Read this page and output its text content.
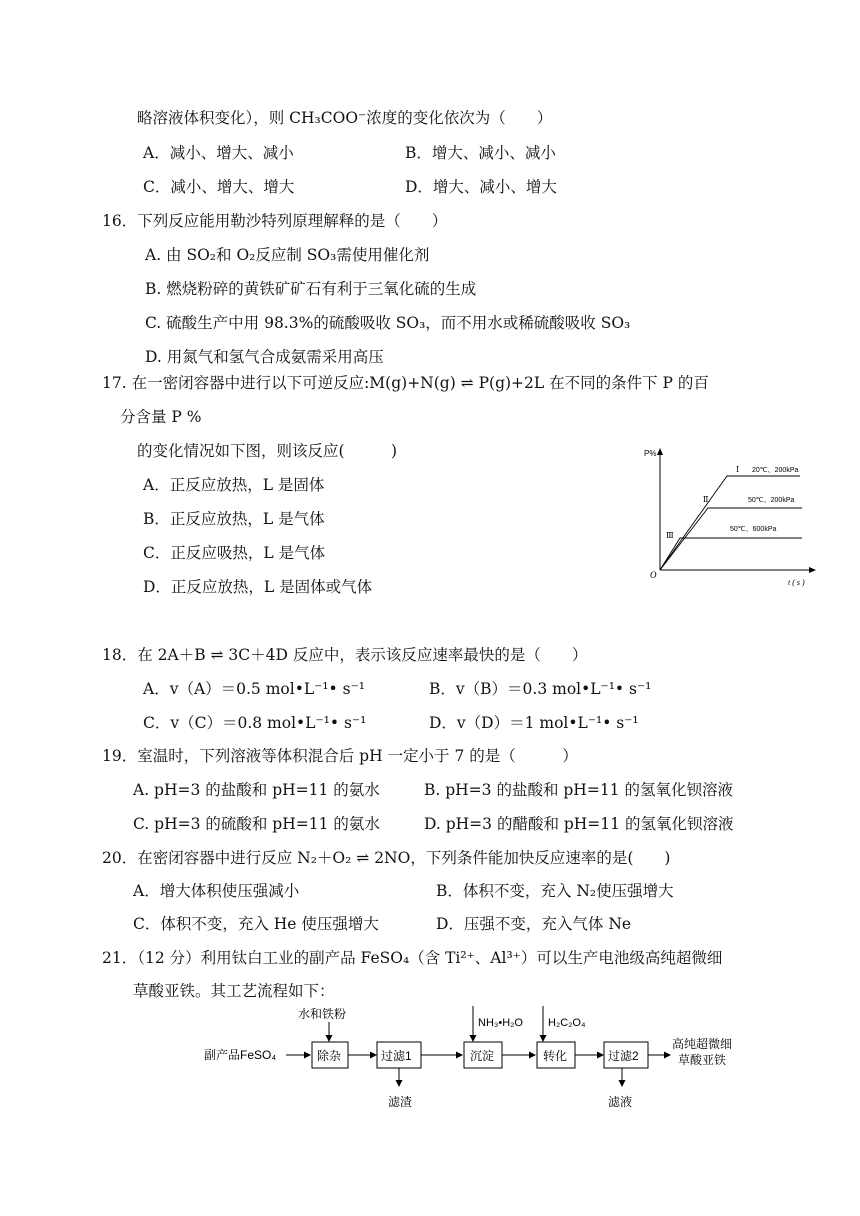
略溶液体积变化），则 CH₃COO⁻浓度的变化依次为（　　）
A．减小、增大、减小	B．增大、减小、减小
C．减小、增大、增大	D．增大、减小、增大
16．下列反应能用勒沙特列原理解释的是（　　）
A. 由 SO₂和 O₂反应制 SO₃需使用催化剂
B. 燃烧粉碎的黄铁矿矿石有利于三氧化硫的生成
C. 硫酸生产中用 98.3%的硫酸吸收 SO₃，而不用水或稀硫酸吸收 SO₃
D. 用氮气和氢气合成氨需采用高压
17. 在一密闭容器中进行以下可逆反应:M(g)+N(g) ⇌ P(g)+2L 在不同的条件下 P 的百
分含量 P %
的变化情况如下图，则该反应(　　　)
A．正反应放热，L 是固体
B．正反应放热，L 是气体
C．正反应吸热，L 是气体
D．正反应放热，L 是固体或气体
P%
t ( s )
O
Ⅰ 20℃、200kPa
Ⅱ	50℃、200kPa
Ⅲ
50℃、600kPa
18．在 2A＋B ⇌ 3C＋4D 反应中，表示该反应速率最快的是（　　）
A．v（A）＝0.5 mol•L⁻¹• s⁻¹	B．v（B）＝0.3 mol•L⁻¹• s⁻¹
C．v（C）＝0.8 mol•L⁻¹• s⁻¹	D．v（D）＝1 mol•L⁻¹• s⁻¹
19．室温时，下列溶液等体积混合后 pH 一定小于 7 的是（　　　）
A. pH=3 的盐酸和 pH=11 的氨水	B. pH=3 的盐酸和 pH=11 的氢氧化钡溶液
C. pH=3 的硫酸和 pH=11 的氨水	D. pH=3 的醋酸和 pH=11 的氢氧化钡溶液
20．在密闭容器中进行反应 N₂＋O₂ ⇌ 2NO，下列条件能加快反应速率的是(　　)
A．增大体积使压强减小	B．体积不变，充入 N₂使压强增大
C．体积不变，充入 He 使压强增大	D．压强不变，充入气体 Ne
21．（12 分）利用钛白工业的副产品 FeSO₄（含 Ti²⁺、Al³⁺）可以生产电池级高纯超微细
草酸亚铁。其工艺流程如下：
副产品FeSO₄
水和铁粉
除杂	过滤1
滤渣
NH₃•H₂O
沉淀
H₂C₂O₄
转化	过滤2
滤液
高纯超微细
草酸亚铁
